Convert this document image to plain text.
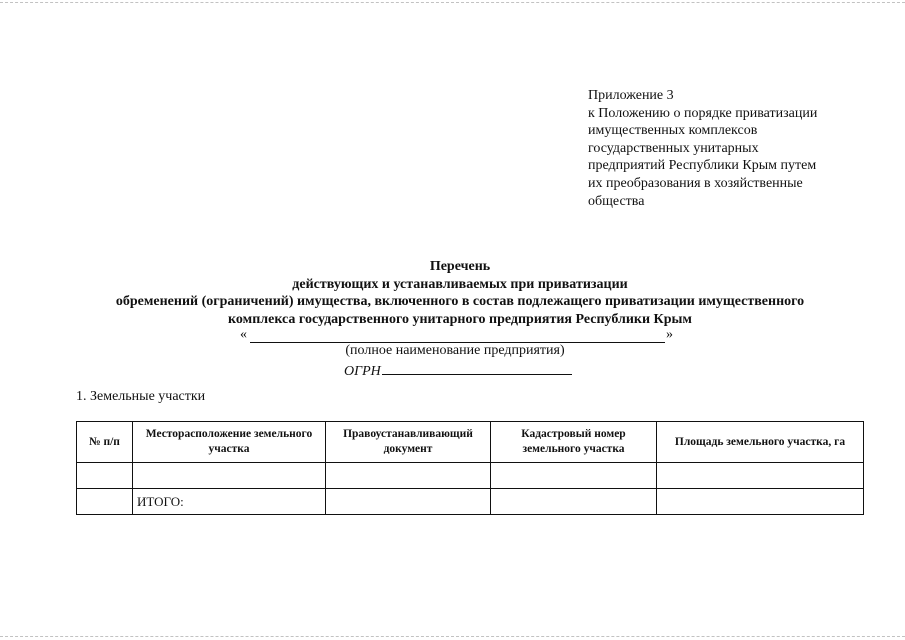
Приложение 3
к Положению о порядке приватизации
имущественных комплексов
государственных унитарных
предприятий Республики Крым путем
их преобразования в хозяйственные
общества
Перечень
действующих и устанавливаемых при приватизации
обременений (ограничений) имущества, включенного в состав подлежащего приватизации имущественного
комплекса государственного унитарного предприятия Республики Крым
«	»
(полное наименование предприятия)
ОГРН
1. Земельные участки
№ п/п	Месторасположение земельного участка	Правоустанавливающий документ	Кадастровый номер земельного участка	Площадь земельного участка, га

	ИТОГО:			
